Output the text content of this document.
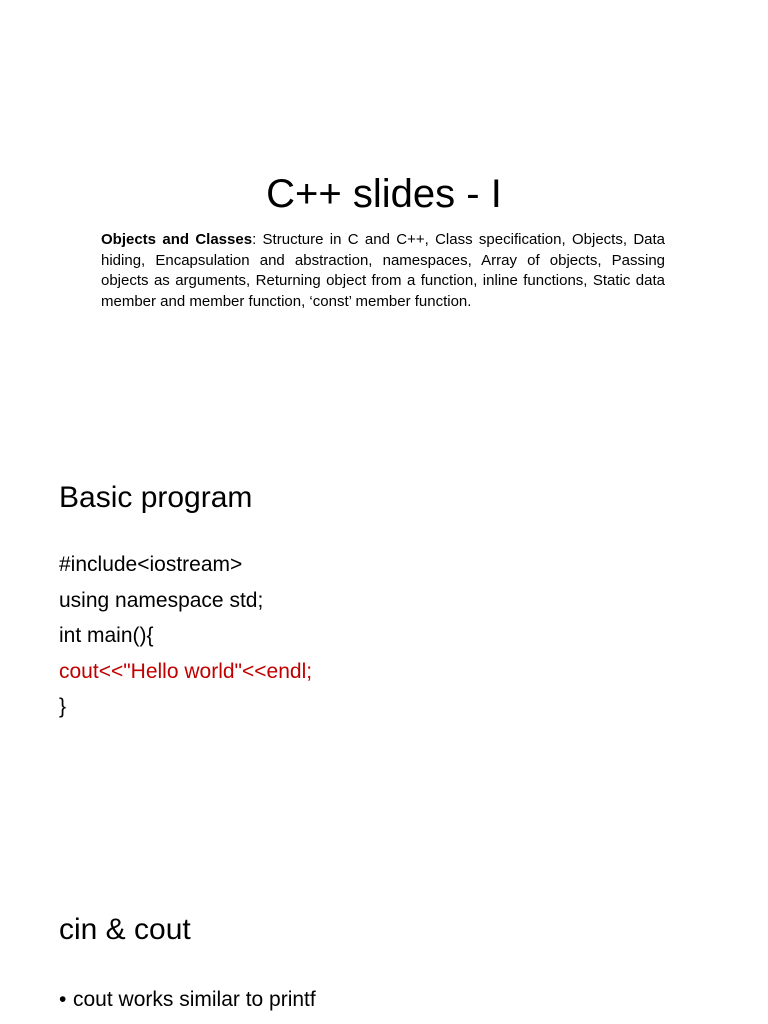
C++ slides - I

Objects and Classes: Structure in C and C++, Class specification, Objects, Data hiding, Encapsulation and abstraction, namespaces, Array of objects, Passing objects as arguments, Returning object from a function, inline functions, Static data member and member function, ‘const’ member function.

Basic program
#include<iostream>
using namespace std;
int main(){
cout<<"Hello world"<<endl;
}
cin & cout
• cout works similar to printf
